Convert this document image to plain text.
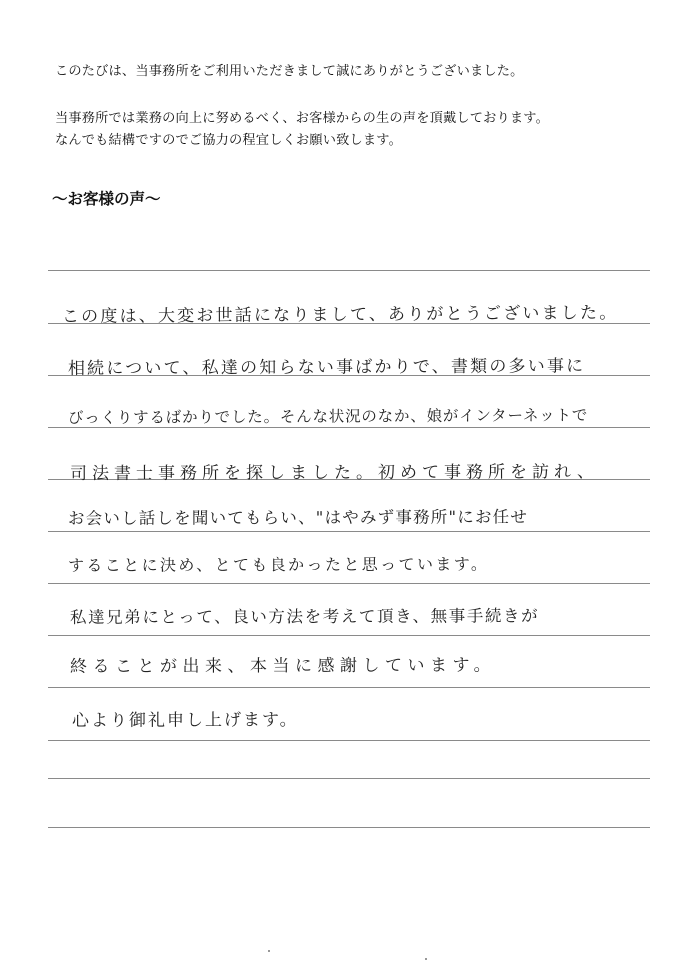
このたびは、当事務所をご利用いただきまして誠にありがとうございました。
当事務所では業務の向上に努めるべく、お客様からの生の声を頂戴しております。
なんでも結構ですのでご協力の程宜しくお願い致します。
～お客様の声～
この度は、大変お世話になりまして、ありがとうございました。
相続について、私達の知らない事ばかりで、書類の多い事に
びっくりするばかりでした。そんな状況のなか、娘がインターネットで
司法書士事務所を探しました。初めて事務所を訪れ、
お会いし話しを聞いてもらい、"はやみず事務所"にお任せ
することに決め、とても良かったと思っています。
私達兄弟にとって、良い方法を考えて頂き、無事手続きが
終ることが出来、本当に感謝しています。
心より御礼申し上げます。
